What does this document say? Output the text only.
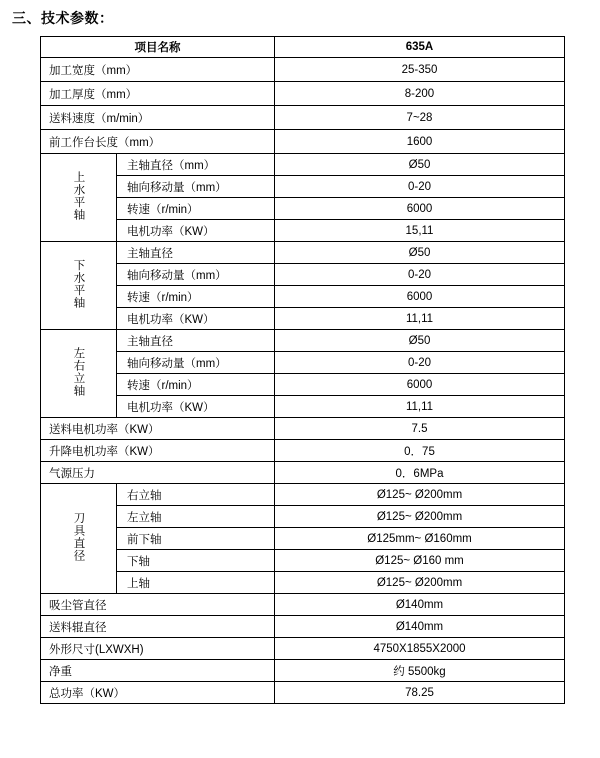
三、技术参数：
项目名称		635A
加工宽度（mm）		25-350
加工厚度（mm）		8-200
送料速度（m/min）		7~28
前工作台长度（mm）		1600
上水平轴	主轴直径（mm）	Ø50
	轴向移动量（mm）	0-20
	转速（r/min）	6000
	电机功率（KW）	15,11
下水平轴	主轴直径	Ø50
	轴向移动量（mm）	0-20
	转速（r/min）	6000
	电机功率（KW）	11,11
左右立轴	主轴直径	Ø50
	轴向移动量（mm）	0-20
	转速（r/min）	6000
	电机功率（KW）	11,11
送料电机功率（KW）		7.5
升降电机功率（KW）		0．75
气源压力		0．6MPa
刀具直径	右立轴	Ø125~ Ø200mm
	左立轴	Ø125~ Ø200mm
	前下轴	Ø125mm~ Ø160mm
	下轴	Ø125~ Ø160 mm
	上轴	Ø125~ Ø200mm
吸尘管直径		Ø140mm
送料辊直径		Ø140mm
外形尺寸(LXWXH)		4750X1855X2000
净重		约 5500kg
总功率（KW）		78.25
